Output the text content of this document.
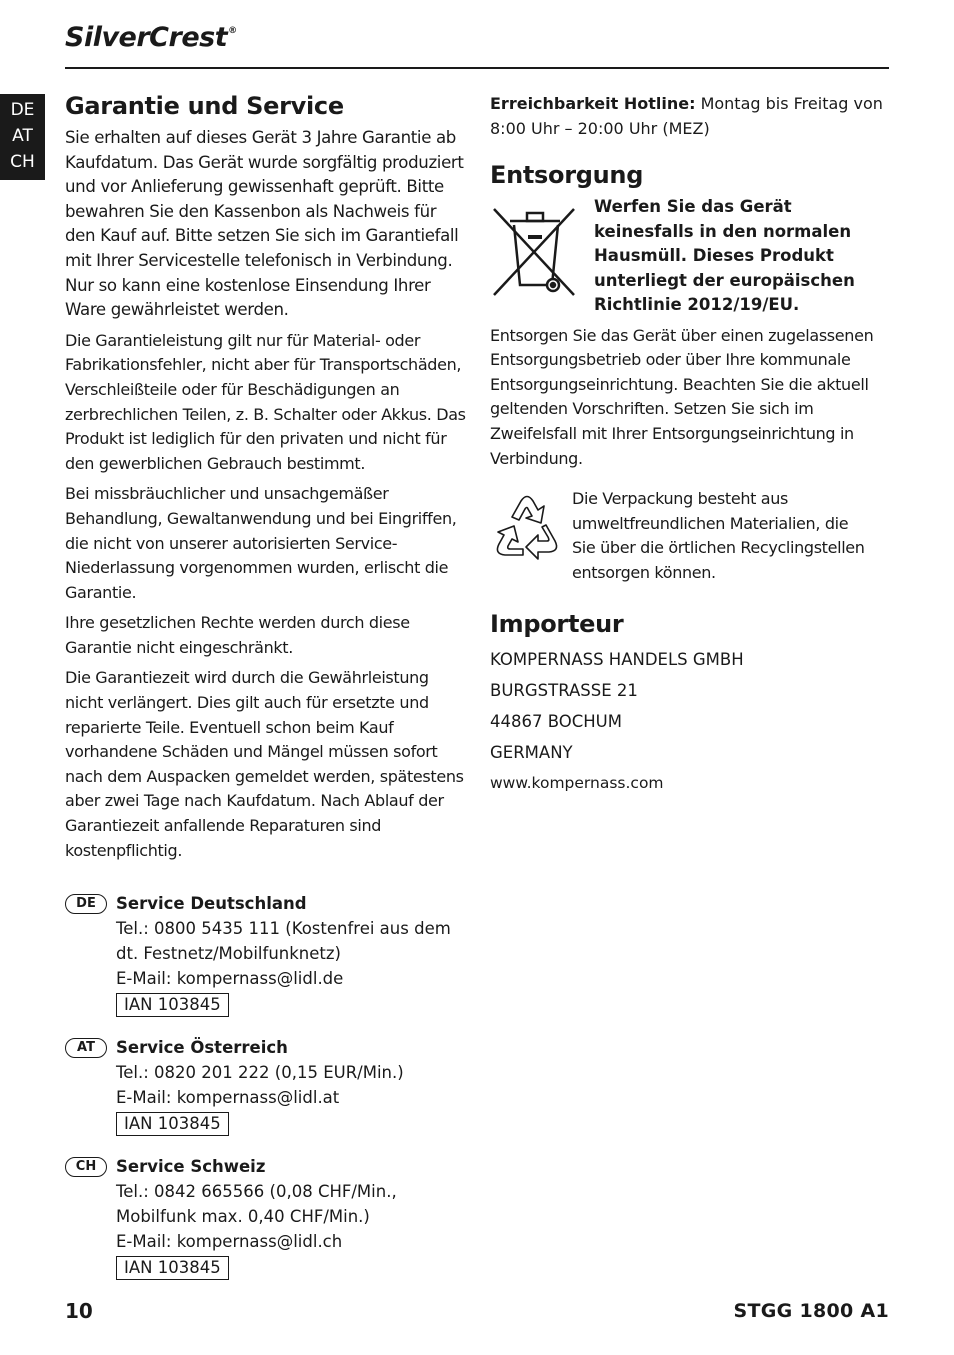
SilverCrest®
DE
AT
CH
Garantie und Service

Sie erhalten auf dieses Gerät 3 Jahre Garantie ab Kaufdatum. Das Gerät wurde sorgfältig produziert und vor Anlieferung gewissenhaft geprüft. Bitte bewahren Sie den Kassenbon als Nachweis für den Kauf auf. Bitte setzen Sie sich im Garantiefall mit Ihrer Servicestelle telefonisch in Verbindung. Nur so kann eine kostenlose Einsendung Ihrer Ware gewährleistet werden.

Die Garantieleistung gilt nur für Material- oder Fabrikationsfehler, nicht aber für Transportschäden, Verschleißteile oder für Beschädigungen an zerbrechlichen Teilen, z. B. Schalter oder Akkus. Das Produkt ist lediglich für den privaten und nicht für den gewerblichen Gebrauch bestimmt.

Bei missbräuchlicher und unsachgemäßer Behandlung, Gewaltanwendung und bei Eingriffen, die nicht von unserer autorisierten Service-Niederlassung vorgenommen wurden, erlischt die Garantie.

Ihre gesetzlichen Rechte werden durch diese Garantie nicht eingeschränkt.

Die Garantiezeit wird durch die Gewährleistung nicht verlängert. Dies gilt auch für ersetzte und reparierte Teile. Eventuell schon beim Kauf vorhandene Schäden und Mängel müssen sofort nach dem Auspacken gemeldet werden, spätestens aber zwei Tage nach Kaufdatum. Nach Ablauf der Garantiezeit anfallende Reparaturen sind kostenpflichtig.

DE	Service Deutschland
Tel.: 0800 5435 111 (Kostenfrei aus dem dt. Festnetz/Mobilfunknetz)
E-Mail: kompernass@lidl.de
IAN 103845
AT	Service Österreich
Tel.: 0820 201 222 (0,15 EUR/Min.)
E-Mail: kompernass@lidl.at
IAN 103845
CH	Service Schweiz
Tel.: 0842 665566 (0,08 CHF/Min.,
Mobilfunk max. 0,40 CHF/Min.)
E-Mail: kompernass@lidl.ch
IAN 103845

Erreichbarkeit Hotline: Montag bis Freitag von 8:00 Uhr – 20:00 Uhr (MEZ)

Entsorgung

Werfen Sie das Gerät keinesfalls in den normalen Hausmüll. Dieses Produkt unterliegt der europäischen Richtlinie 2012/19/EU.

Entsorgen Sie das Gerät über einen zugelassenen Entsorgungsbetrieb oder über Ihre kommunale Entsorgungseinrichtung. Beachten Sie die aktuell geltenden Vorschriften. Setzen Sie sich im Zweifelsfall mit Ihrer Entsorgungseinrichtung in Verbindung.

Die Verpackung besteht aus umweltfreundlichen Materialien, die Sie über die örtlichen Recyclingstellen entsorgen können.

Importeur
KOMPERNASS HANDELS GMBH
BURGSTRASSE 21
44867 BOCHUM
GERMANY
www.kompernass.com
10	STGG 1800 A1
